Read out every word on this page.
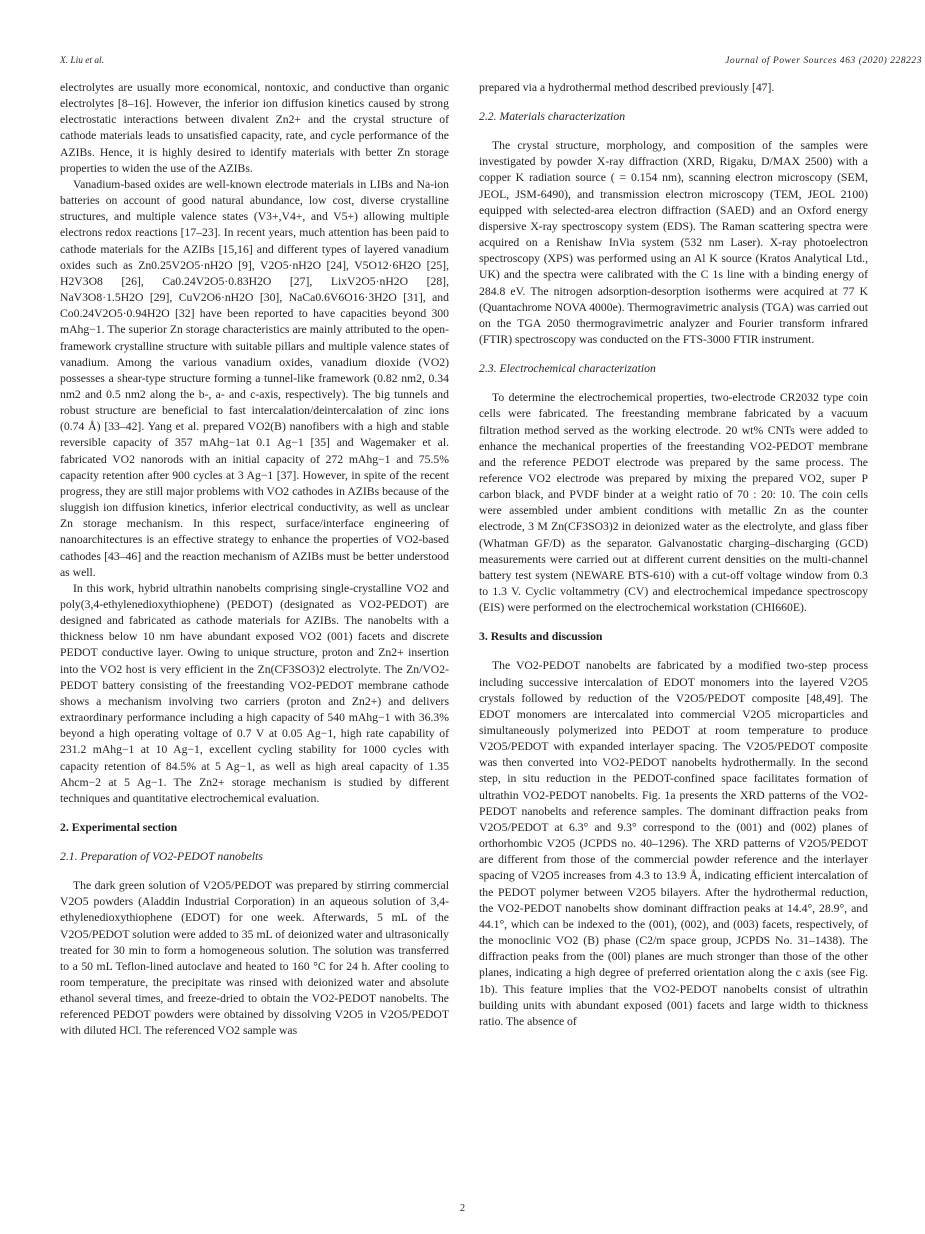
X. Liu et al.	Journal of Power Sources 463 (2020) 228223

electrolytes are usually more economical, nontoxic, and conductive than organic electrolytes [8–16]. However, the inferior ion diffusion kinetics caused by strong electrostatic interactions between divalent Zn2+ and the crystal structure of cathode materials leads to unsatisfied capacity, rate, and cycle performance of the AZIBs. Hence, it is highly desired to identify materials with better Zn storage properties to widen the use of the AZIBs.

Vanadium-based oxides are well-known electrode materials in LIBs and Na-ion batteries on account of good natural abundance, low cost, diverse crystalline structures, and multiple valence states (V3+,V4+, and V5+) allowing multiple electrons redox reactions [17–23]. In recent years, much attention has been paid to cathode materials for the AZIBs [15,16] and different types of layered vanadium oxides such as Zn0.25V2O5·nH2O [9], V2O5·nH2O [24], V5O12·6H2O [25], H2V3O8 [26], Ca0.24V2O5·0.83H2O [27], LixV2O5·nH2O [28], NaV3O8·1.5H2O [29], CuV2O6·nH2O [30], NaCa0.6V6O16·3H2O [31], and Co0.24V2O5·0.94H2O [32] have been reported to have capacities beyond 300 mAhg−1. The superior Zn storage characteristics are mainly attributed to the open-framework crystalline structure with suitable pillars and multiple valence states of vanadium. Among the various vanadium oxides, vanadium dioxide (VO2) possesses a shear-type structure forming a tunnel-like framework (0.82 nm2, 0.34 nm2 and 0.5 nm2 along the b-, a- and c-axis, respectively). The big tunnels and robust structure are beneficial to fast intercalation/deintercalation of zinc ions (0.74 Å) [33–42]. Yang et al. prepared VO2(B) nanofibers with a high and stable reversible capacity of 357 mAhg−1at 0.1 Ag−1 [35] and Wagemaker et al. fabricated VO2 nanorods with an initial capacity of 272 mAhg−1 and 75.5% capacity retention after 900 cycles at 3 Ag−1 [37]. However, in spite of the recent progress, they are still major problems with VO2 cathodes in AZIBs because of the sluggish ion diffusion kinetics, inferior electrical conductivity, as well as unclear Zn storage mechanism. In this respect, surface/interface engineering of nanoarchitectures is an effective strategy to enhance the properties of VO2-based cathodes [43–46] and the reaction mechanism of AZIBs must be better understood as well.

In this work, hybrid ultrathin nanobelts comprising single-crystalline VO2 and poly(3,4-ethylenedioxythiophene) (PEDOT) (designated as VO2-PEDOT) are designed and fabricated as cathode materials for AZIBs. The nanobelts with a thickness below 10 nm have abundant exposed VO2 (001) facets and discrete PEDOT conductive layer. Owing to unique structure, proton and Zn2+ insertion into the VO2 host is very efficient in the Zn(CF3SO3)2 electrolyte. The Zn/VO2-PEDOT battery consisting of the freestanding VO2-PEDOT membrane cathode shows a mechanism involving two carriers (proton and Zn2+) and delivers extraordinary performance including a high capacity of 540 mAhg−1 with 36.3% beyond a high operating voltage of 0.7 V at 0.05 Ag−1, high rate capability of 231.2 mAhg−1 at 10 Ag−1, excellent cycling stability for 1000 cycles with capacity retention of 84.5% at 5 Ag−1, as well as high areal capacity of 1.35 Ahcm−2 at 5 Ag−1. The Zn2+ storage mechanism is studied by different techniques and quantitative electrochemical evaluation.

2. Experimental section
2.1. Preparation of VO2-PEDOT nanobelts

The dark green solution of V2O5/PEDOT was prepared by stirring commercial V2O5 powders (Aladdin Industrial Corporation) in an aqueous solution of 3,4-ethylenedioxythiophene (EDOT) for one week. Afterwards, 5 mL of the V2O5/PEDOT solution were added to 35 mL of deionized water and ultrasonically treated for 30 min to form a homogeneous solution. The solution was transferred to a 50 mL Teflon-lined autoclave and heated to 160 °C for 24 h. After cooling to room temperature, the precipitate was rinsed with deionized water and absolute ethanol several times, and freeze-dried to obtain the VO2-PEDOT nanobelts. The referenced PEDOT powders were obtained by dissolving V2O5 in V2O5/PEDOT with diluted HCl. The referenced VO2 sample was

prepared via a hydrothermal method described previously [47].

2.2. Materials characterization

The crystal structure, morphology, and composition of the samples were investigated by powder X-ray diffraction (XRD, Rigaku, D/MAX 2500) with a copper K radiation source ( = 0.154 nm), scanning electron microscopy (SEM, JEOL, JSM-6490), and transmission electron microscopy (TEM, JEOL 2100) equipped with selected-area electron diffraction (SAED) and an Oxford energy dispersive X-ray spectroscopy system (EDS). The Raman scattering spectra were acquired on a Renishaw InVia system (532 nm Laser). X-ray photoelectron spectroscopy (XPS) was performed using an Al K source (Kratos Analytical Ltd., UK) and the spectra were calibrated with the C 1s line with a binding energy of 284.8 eV. The nitrogen adsorption-desorption isotherms were acquired at 77 K (Quantachrome NOVA 4000e). Thermogravimetric analysis (TGA) was carried out on the TGA 2050 thermogravimetric analyzer and Fourier transform infrared (FTIR) spectroscopy was conducted on the FTS-3000 FTIR instrument.

2.3. Electrochemical characterization

To determine the electrochemical properties, two-electrode CR2032 type coin cells were fabricated. The freestanding membrane fabricated by a vacuum filtration method served as the working electrode. 20 wt% CNTs were added to enhance the mechanical properties of the freestanding VO2-PEDOT membrane and the reference PEDOT electrode was prepared by the same process. The reference VO2 electrode was prepared by mixing the prepared VO2, super P carbon black, and PVDF binder at a weight ratio of 70 : 20: 10. The coin cells were assembled under ambient conditions with metallic Zn as the counter electrode, 3 M Zn(CF3SO3)2 in deionized water as the electrolyte, and glass fiber (Whatman GF/D) as the separator. Galvanostatic charging–discharging (GCD) measurements were carried out at different current densities on the multi-channel battery test system (NEWARE BTS-610) with a cut-off voltage window from 0.3 to 1.3 V. Cyclic voltammetry (CV) and electrochemical impedance spectroscopy (EIS) were performed on the electrochemical workstation (CHI660E).

3. Results and discussion

The VO2-PEDOT nanobelts are fabricated by a modified two-step process including successive intercalation of EDOT monomers into the layered V2O5 crystals followed by reduction of the V2O5/PEDOT composite [48,49]. The EDOT monomers are intercalated into commercial V2O5 microparticles and simultaneously polymerized into PEDOT at room temperature to produce V2O5/PEDOT with expanded interlayer spacing. The V2O5/PEDOT composite was then converted into VO2-PEDOT nanobelts hydrothermally. In the second step, in situ reduction in the PEDOT-confined space facilitates formation of ultrathin VO2-PEDOT nanobelts. Fig. 1a presents the XRD patterns of the VO2-PEDOT nanobelts and reference samples. The dominant diffraction peaks from V2O5/PEDOT at 6.3° and 9.3° correspond to the (001) and (002) planes of orthorhombic V2O5 (JCPDS no. 40–1296). The XRD patterns of V2O5/PEDOT are different from those of the commercial powder reference and the interlayer spacing of V2O5 increases from 4.3 to 13.9 Å, indicating efficient intercalation of the PEDOT polymer between V2O5 bilayers. After the hydrothermal reduction, the VO2-PEDOT nanobelts show dominant diffraction peaks at 14.4°, 28.9°, and 44.1°, which can be indexed to the (001), (002), and (003) facets, respectively, of the monoclinic VO2 (B) phase (C2/m space group, JCPDS No. 31–1438). The diffraction peaks from the (00l) planes are much stronger than those of the other planes, indicating a high degree of preferred orientation along the c axis (see Fig. 1b). This feature implies that the VO2-PEDOT nanobelts consist of ultrathin building units with abundant exposed (001) facets and large width to thickness ratio. The absence of

2
